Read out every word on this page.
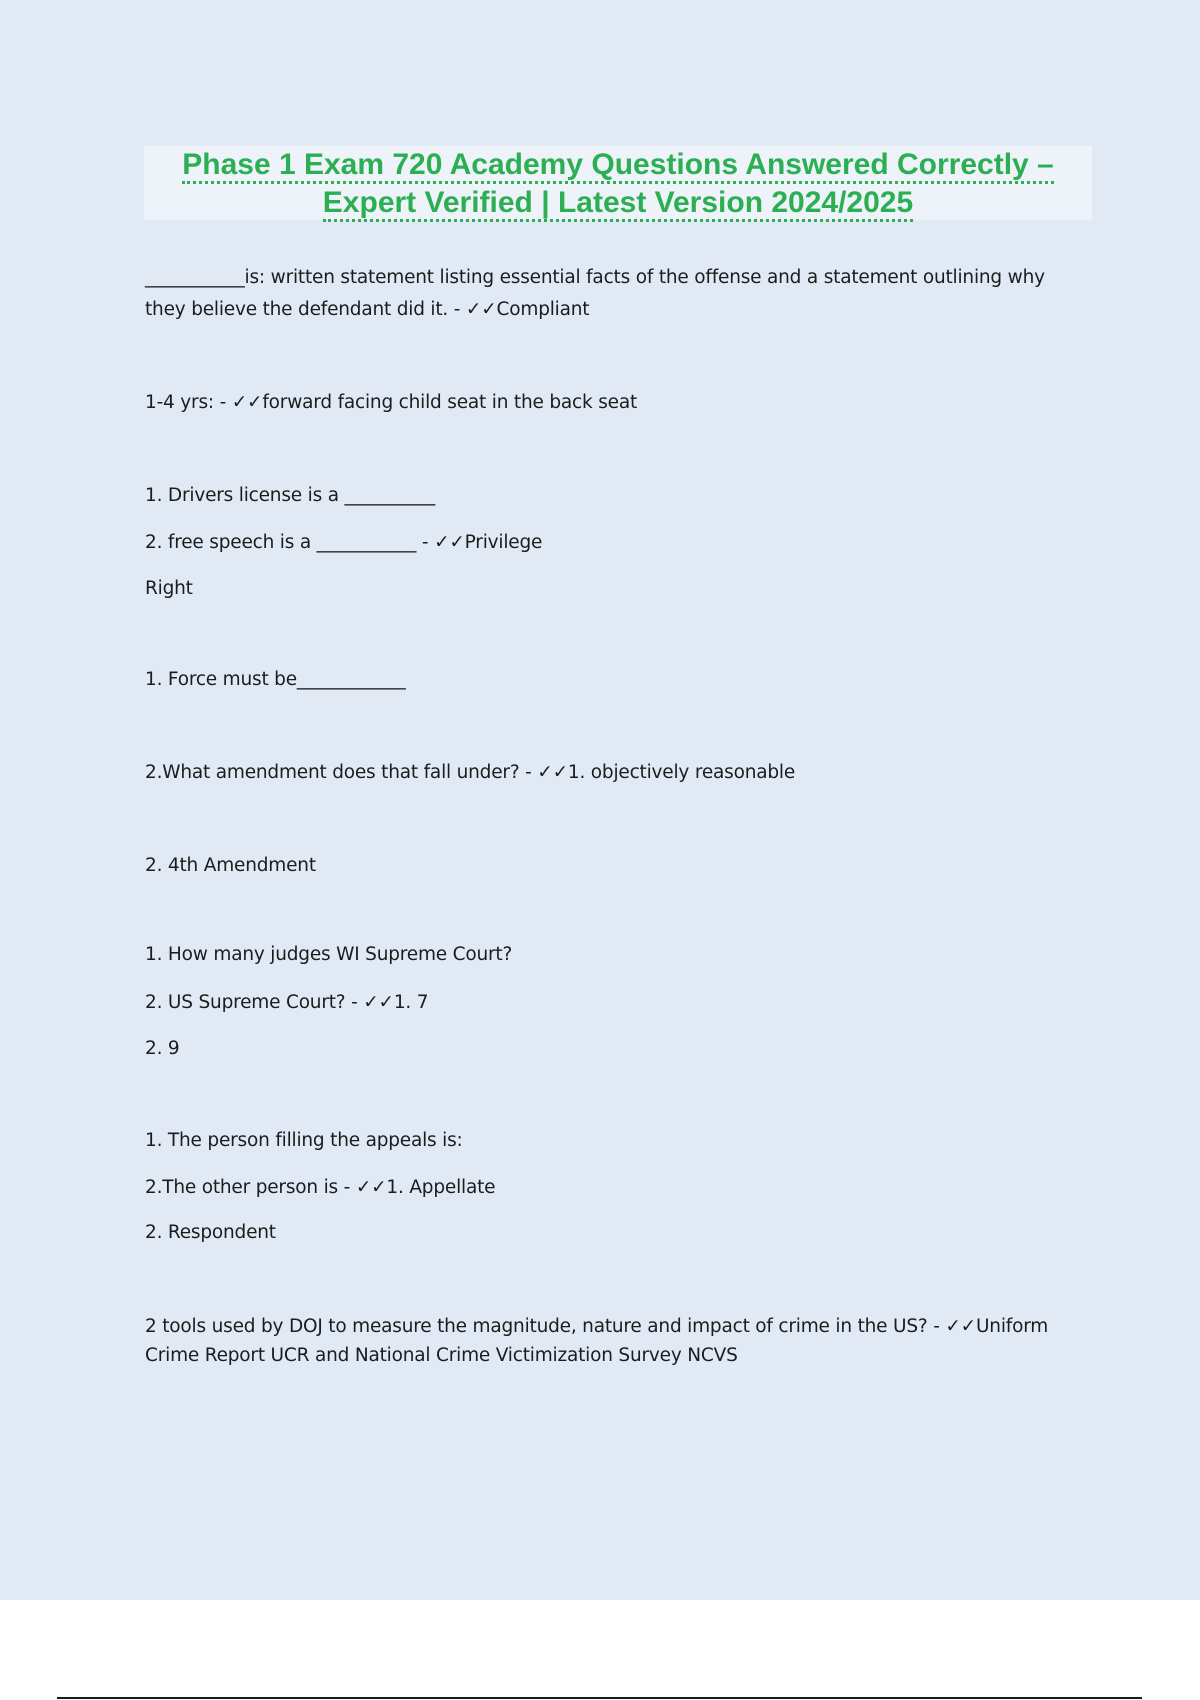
Phase 1 Exam 720 Academy Questions Answered Correctly –
Expert Verified | Latest Version 2024/2025
___________is: written statement listing essential facts of the offense and a statement outlining why
they believe the defendant did it. - ✓✓Compliant
1-4 yrs: - ✓✓forward facing child seat in the back seat
1. Drivers license is a __________
2. free speech is a ___________ - ✓✓Privilege
Right
1. Force must be____________
2.What amendment does that fall under? - ✓✓1. objectively reasonable
2. 4th Amendment
1. How many judges WI Supreme Court?
2. US Supreme Court? - ✓✓1. 7
2. 9
1. The person filling the appeals is:
2.The other person is - ✓✓1. Appellate
2. Respondent
2 tools used by DOJ to measure the magnitude, nature and impact of crime in the US? - ✓✓Uniform
Crime Report UCR and National Crime Victimization Survey NCVS
